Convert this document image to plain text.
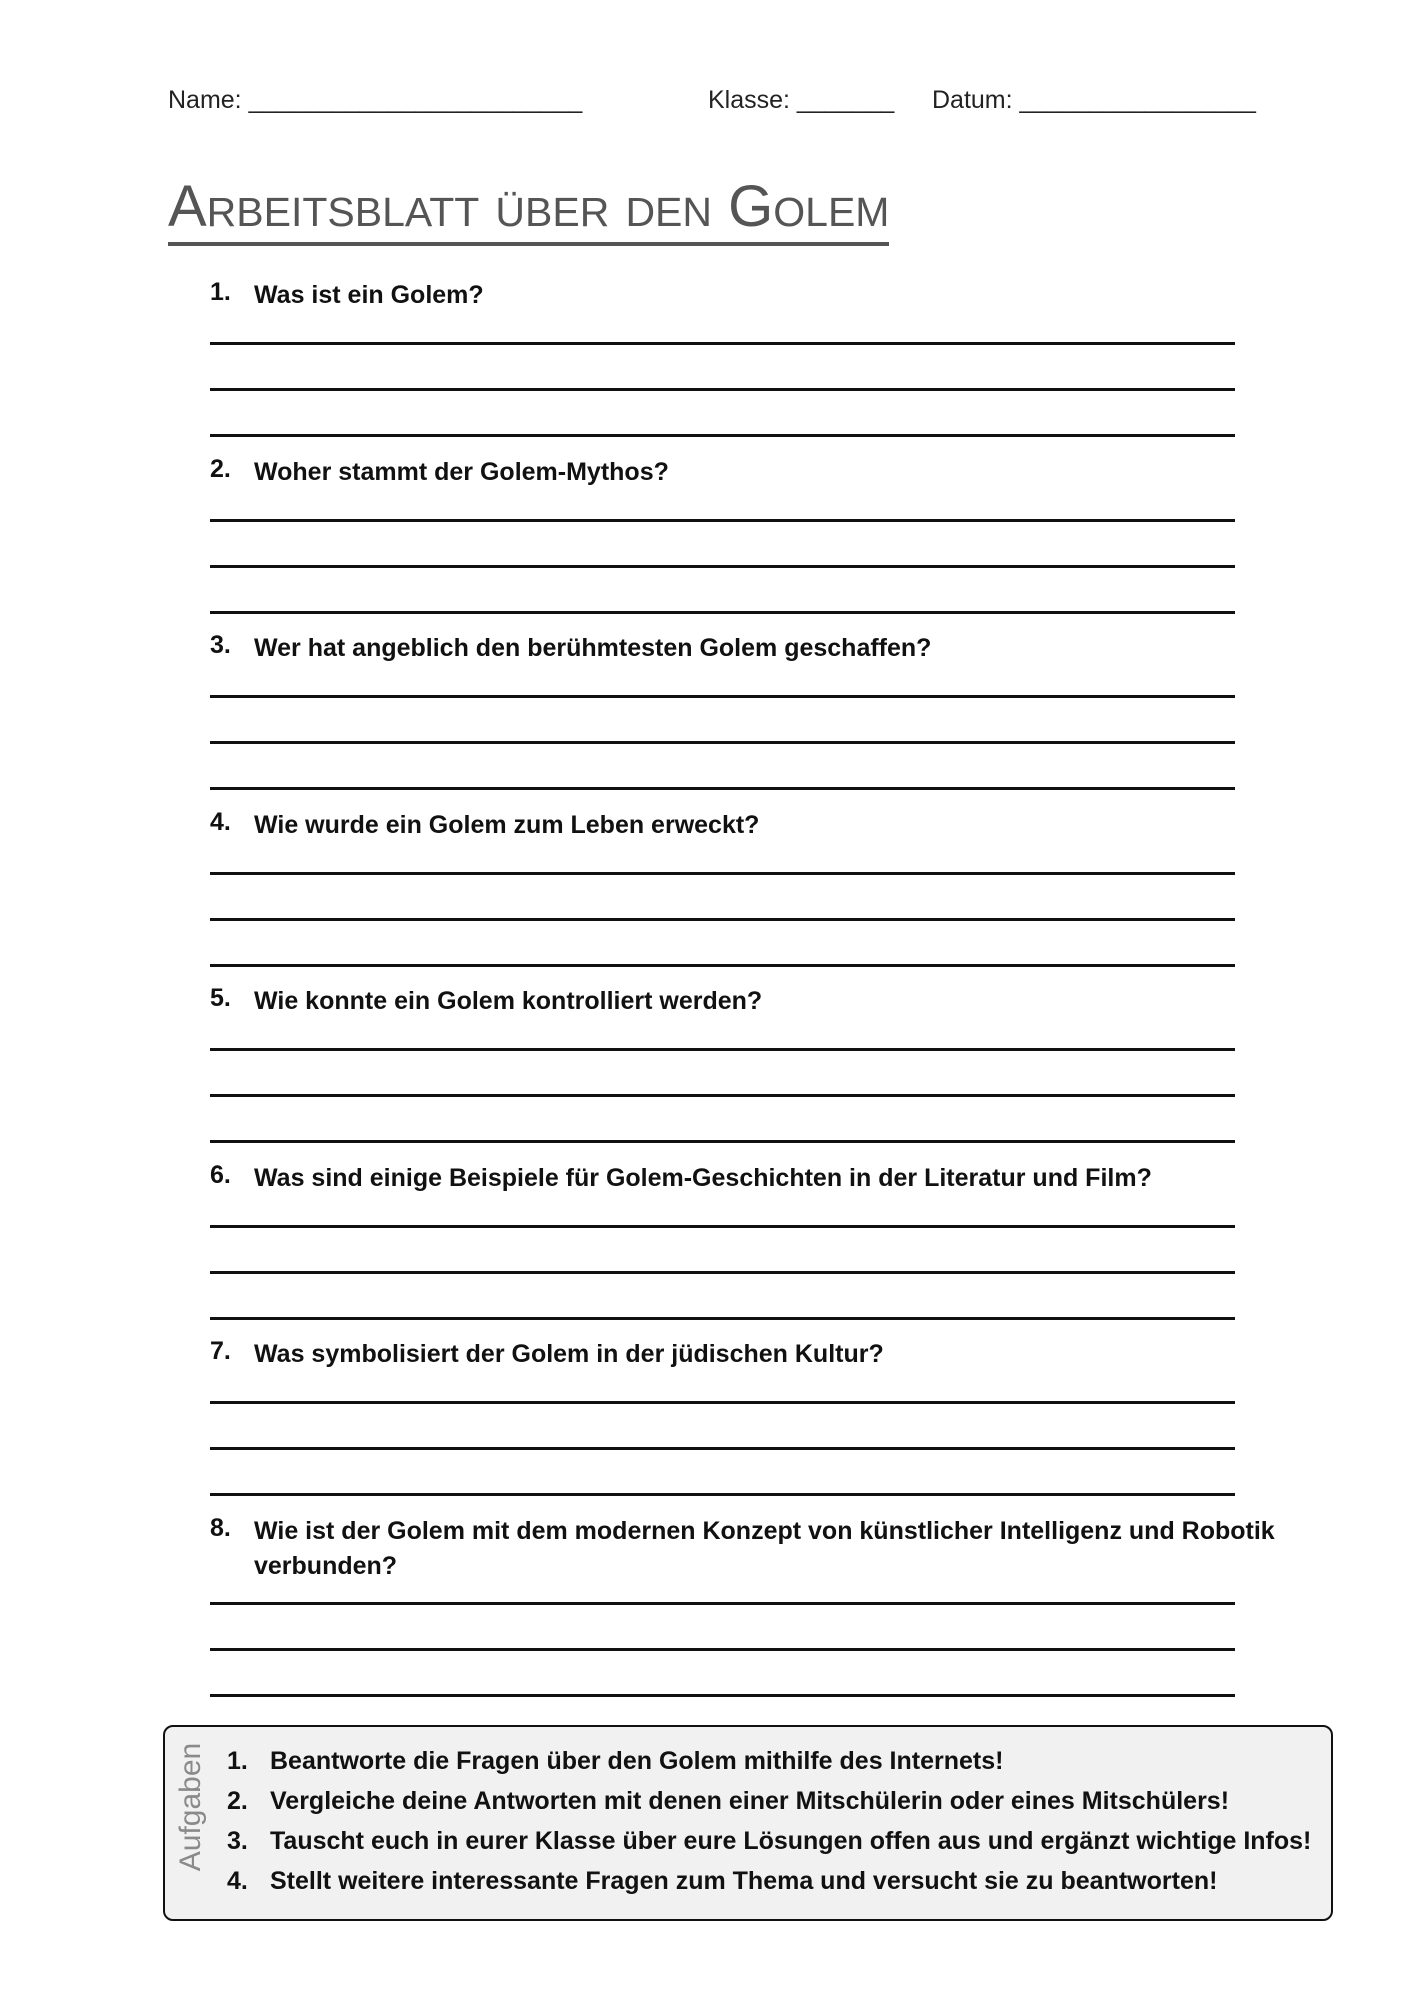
Name: ________________________	Klasse: _______ Datum: _________________
Arbeitsblatt über den Golem
1. Was ist ein Golem?
2. Woher stammt der Golem-Mythos?
3. Wer hat angeblich den berühmtesten Golem geschaffen?
4. Wie wurde ein Golem zum Leben erweckt?
5. Wie konnte ein Golem kontrolliert werden?
6. Was sind einige Beispiele für Golem-Geschichten in der Literatur und Film?
7. Was symbolisiert der Golem in der jüdischen Kultur?
8. Wie ist der Golem mit dem modernen Konzept von künstlicher Intelligenz und Robotik verbunden?
Aufgaben 1. Beantworte die Fragen über den Golem mithilfe des Internets!
2. Vergleiche deine Antworten mit denen einer Mitschülerin oder eines Mitschülers!
3. Tauscht euch in eurer Klasse über eure Lösungen offen aus und ergänzt wichtige Infos!
4. Stellt weitere interessante Fragen zum Thema und versucht sie zu beantworten!
